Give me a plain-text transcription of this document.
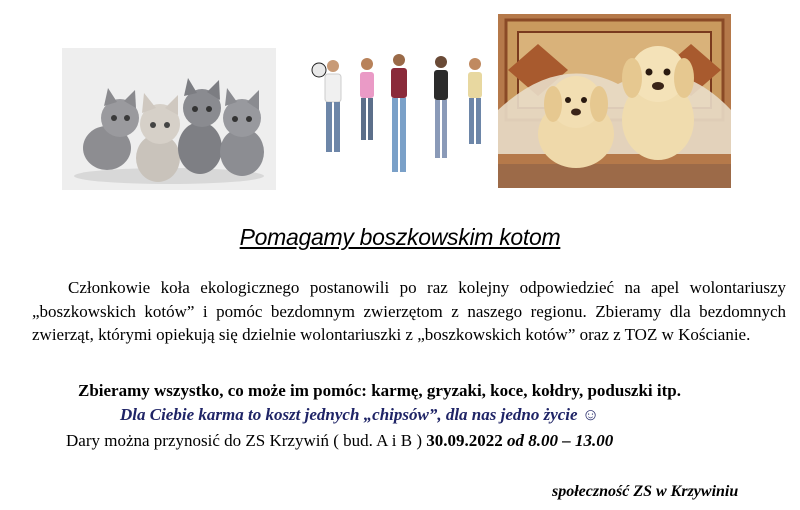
Pomagamy boszkowskim kotom

Członkowie koła ekologicznego postanowili po raz kolejny odpowiedzieć na apel wolontariuszy „boszkowskich kotów” i pomóc bezdomnym zwierzętom z naszego regionu. Zbieramy dla bezdomnych zwierząt, którymi opiekują się dzielnie wolontariuszki z „boszkowskich kotów” oraz z TOZ w Kościanie.

Zbieramy wszystko, co może im pomóc: karmę, gryzaki, koce, kołdry, poduszki itp.
Dla Ciebie karma to koszt jednych „chipsów”, dla nas jedno życie ☺
Dary można przynosić do ZS Krzywiń ( bud. A i B ) 30.09.2022 od 8.00 – 13.00
społeczność ZS w Krzywiniu
